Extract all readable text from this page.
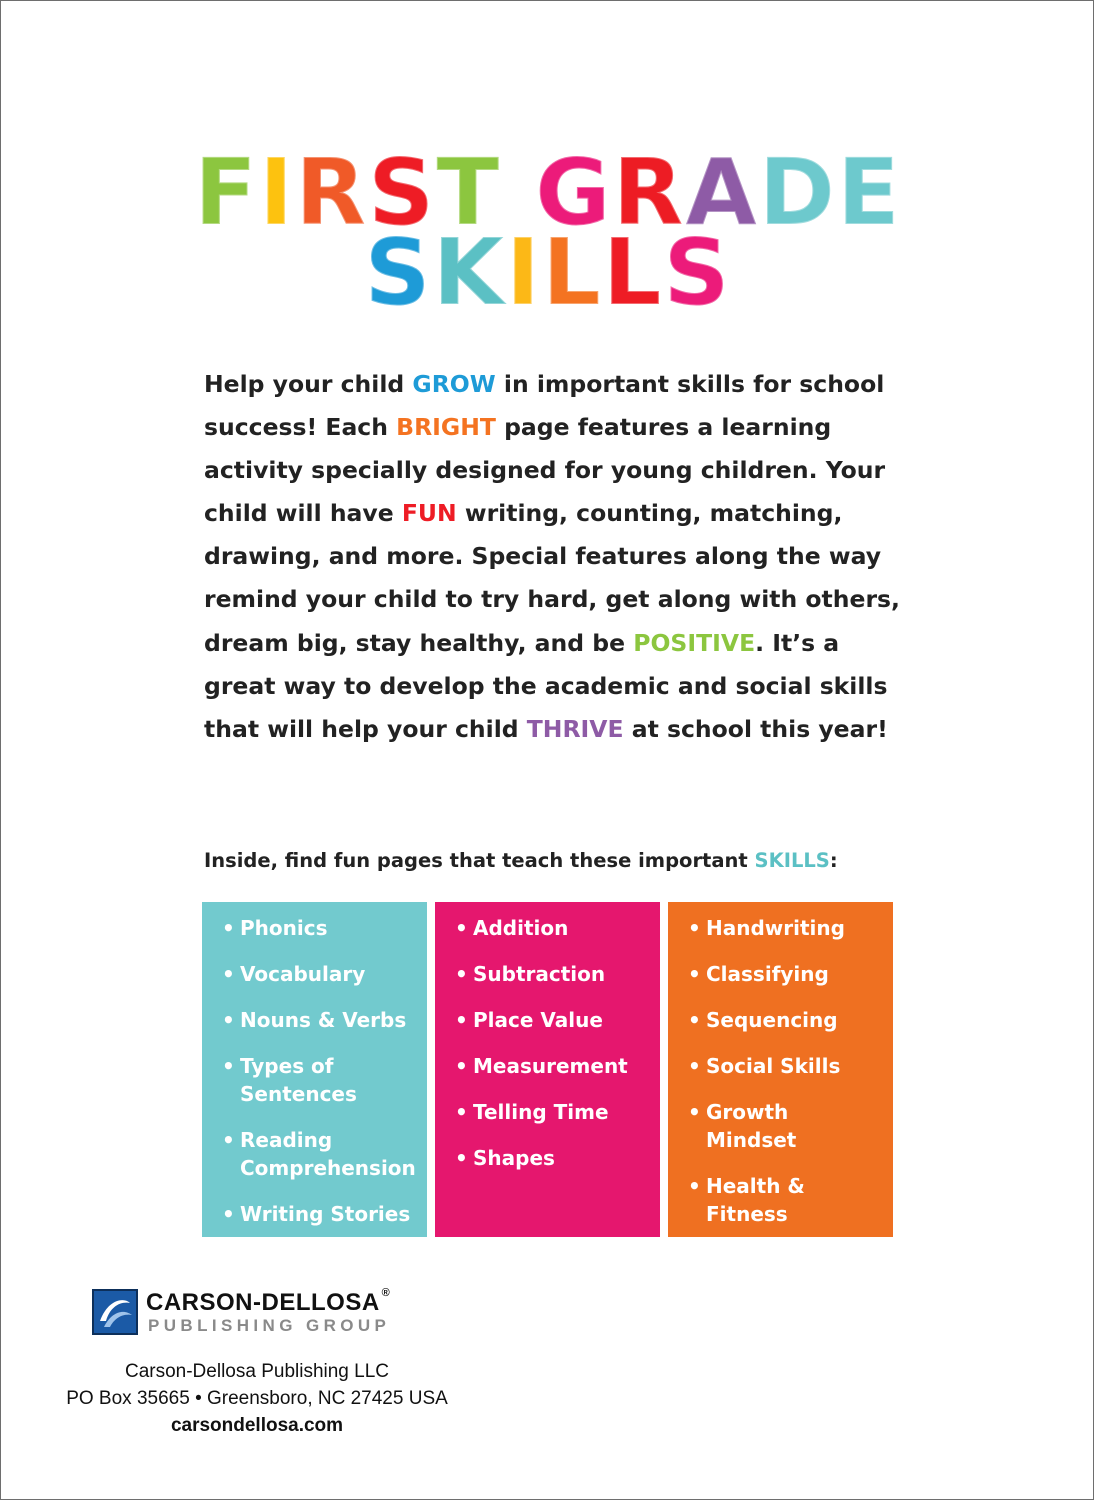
FIRST GRADE
SKILLS
Help your child GROW in important skills for school
success! Each BRIGHT page features a learning
activity specially designed for young children. Your
child will have FUN writing, counting, matching,
drawing, and more. Special features along the way
remind your child to try hard, get along with others,
dream big, stay healthy, and be POSITIVE. It’s a
great way to develop the academic and social skills
that will help your child THRIVE at school this year!
Inside, find fun pages that teach these important SKILLS:
• Phonics
• Vocabulary
• Nouns & Verbs
• Types of Sentences
• Reading Comprehension
• Writing Stories
• Addition
• Subtraction
• Place Value
• Measurement
• Telling Time
• Shapes
• Handwriting
• Classifying
• Sequencing
• Social Skills
• Growth Mindset
• Health & Fitness
CARSON-DELLOSA ®
PUBLISHING GROUP
Carson-Dellosa Publishing LLC
PO Box 35665 • Greensboro, NC 27425 USA
carsondellosa.com
